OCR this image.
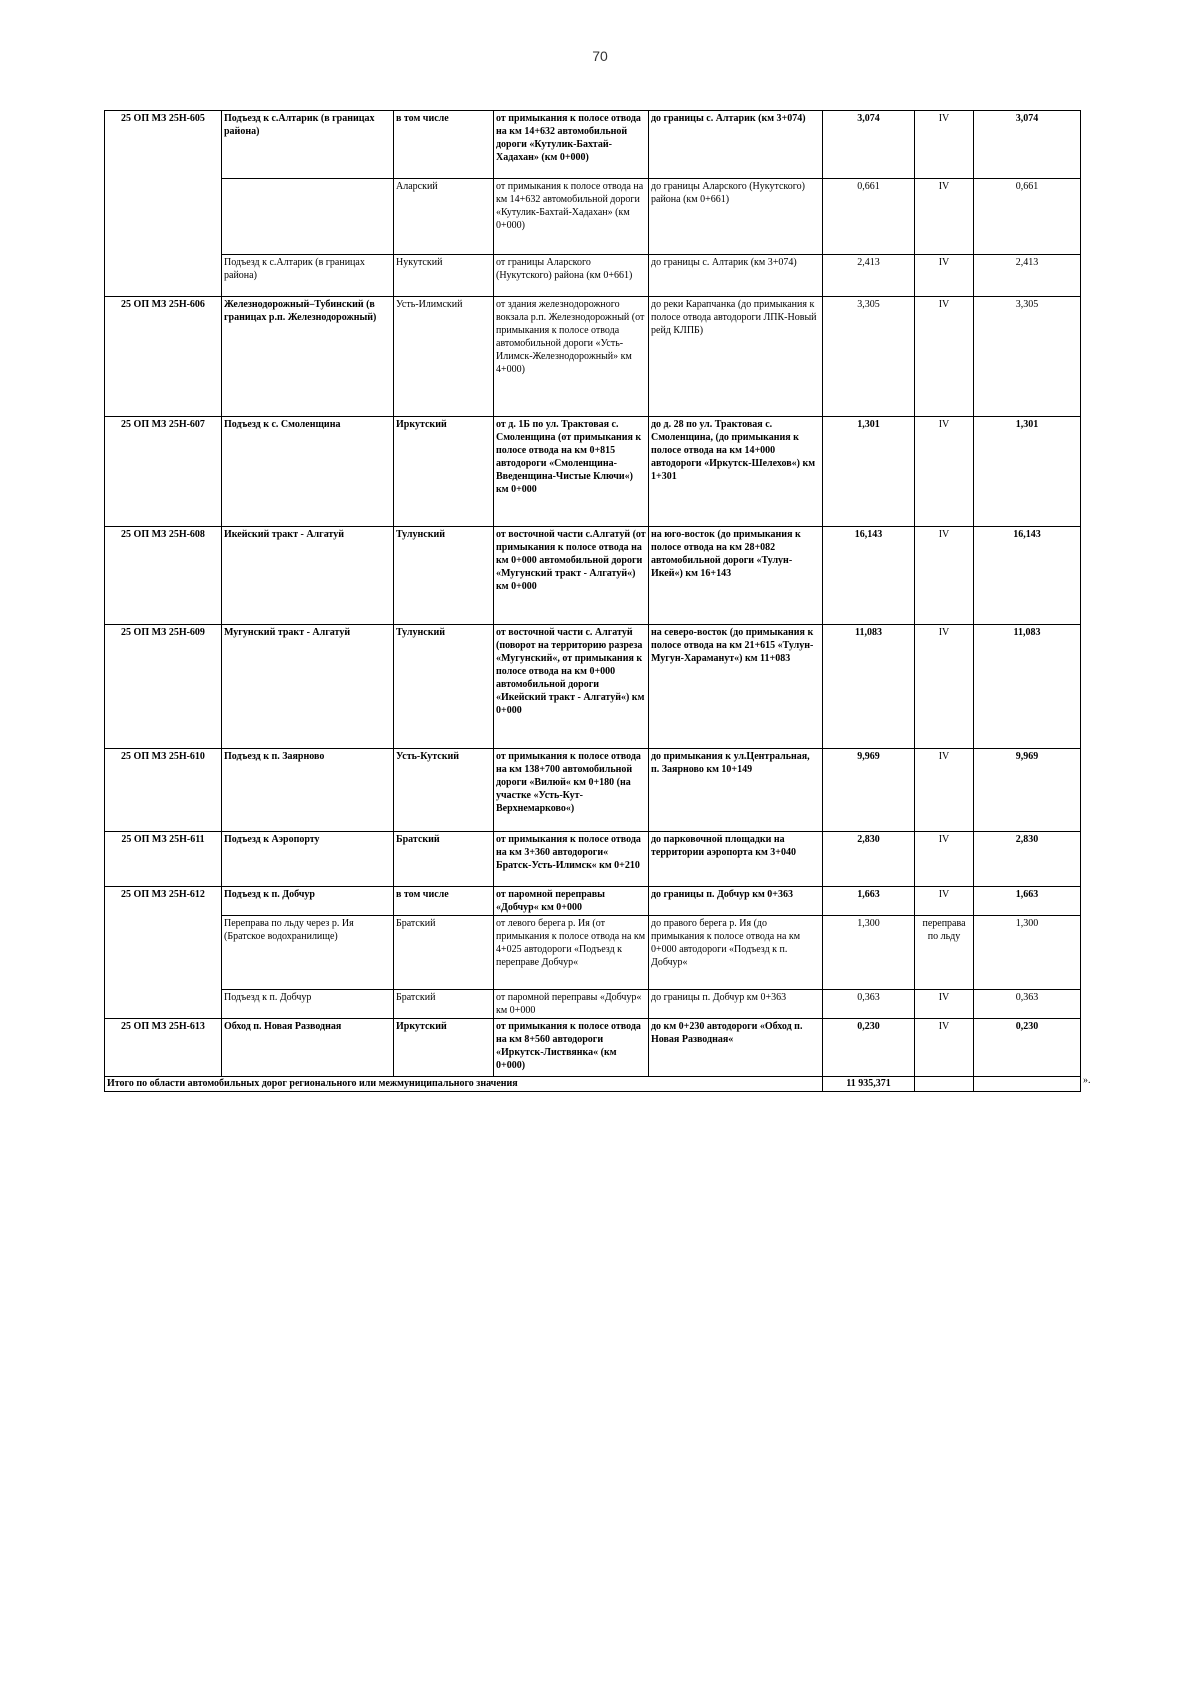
70
25 ОП МЗ 25Н-605	Подъезд к с.Алтарик (в границах района)	в том числе	от примыкания к полосе отвода на км 14+632 автомобильной дороги «Кутулик-Бахтай-Хадахан» (км 0+000)	до границы с. Алтарик (км 3+074)	3,074	IV	3,074
		Аларский	от примыкания к полосе отвода на км 14+632 автомобильной дороги «Кутулик-Бахтай-Хадахан» (км 0+000)	до границы Аларского (Нукутского) района (км 0+661)	0,661	IV	0,661
	Подъезд к с.Алтарик (в границах района)	Нукутский	от границы Аларского (Нукутского) района (км 0+661)	до границы с. Алтарик (км 3+074)	2,413	IV	2,413
25 ОП МЗ 25Н-606	Железнодорожный–Тубинский (в границах р.п. Железнодорожный)	Усть-Илимский	от здания железнодорожного вокзала р.п. Железнодорожный (от примыкания к полосе отвода автомобильной дороги «Усть-Илимск-Железнодорожный» км 4+000)	до реки Карапчанка (до примыкания к полосе отвода автодороги ЛПК-Новый рейд КЛПБ)	3,305	IV	3,305
25 ОП МЗ 25Н-607	Подъезд к с. Смоленщина	Иркутский	от д. 1Б по ул. Трактовая с. Смоленщина (от примыкания к полосе отвода на км 0+815 автодороги «Смоленщина-Введенщина-Чистые Ключи«) км 0+000	до д. 28 по ул. Трактовая с. Смоленщина, (до примыкания к полосе отвода на км 14+000 автодороги «Иркутск-Шелехов«) км 1+301	1,301	IV	1,301
25 ОП МЗ 25Н-608	Икейский тракт - Алгатуй	Тулунский	от восточной части с.Алгатуй (от примыкания к полосе отвода на км 0+000 автомобильной дороги «Мугунский тракт - Алгатуй«) км 0+000	на юго-восток (до примыкания к полосе отвода на км 28+082 автомобильной дороги «Тулун-Икей«) км 16+143	16,143	IV	16,143
25 ОП МЗ 25Н-609	Мугунский тракт - Алгатуй	Тулунский	от восточной части с. Алгатуй (поворот на территорию разреза «Мугунский«, от примыкания к полосе отвода на км 0+000 автомобильной дороги «Икейский тракт - Алгатуй«) км 0+000	на северо-восток (до примыкания к полосе отвода на км 21+615 «Тулун-Мугун-Хараманут«) км 11+083	11,083	IV	11,083
25 ОП МЗ 25Н-610	Подъезд к п. Заярново	Усть-Кутский	от примыкания к полосе отвода на км 138+700 автомобильной дороги «Вилюй« км 0+180 (на участке «Усть-Кут-Верхнемарково«)	до примыкания к ул.Центральная, п. Заярново км 10+149	9,969	IV	9,969
25 ОП МЗ 25Н-611	Подъезд к Аэропорту	Братский	от примыкания к полосе отвода на км 3+360 автодороги« Братск-Усть-Илимск« км 0+210	до парковочной площадки на территории аэропорта км 3+040	2,830	IV	2,830
25 ОП МЗ 25Н-612	Подъезд к п. Добчур	в том числе	от паромной переправы «Добчур« км 0+000	до границы п. Добчур км 0+363	1,663	IV	1,663
	Переправа по льду через р. Ия (Братское водохранилище)	Братский	от левого берега р. Ия (от примыкания к полосе отвода на км 4+025 автодороги «Подъезд к переправе Добчур«	до правого берега р. Ия (до примыкания к полосе отвода на км 0+000 автодороги «Подъезд к п. Добчур«	1,300	переправа по льду	1,300
	Подъезд к п. Добчур	Братский	от паромной переправы «Добчур« км 0+000	до границы п. Добчур км 0+363	0,363	IV	0,363
25 ОП МЗ 25Н-613	Обход п. Новая Разводная	Иркутский	от примыкания к полосе отвода на км 8+560 автодороги «Иркутск-Листвянка« (км 0+000)	до км 0+230 автодороги «Обход п. Новая Разводная«	0,230	IV	0,230
Итого по области автомобильных дорог регионального или межмуниципального значения					11 935,371			».
